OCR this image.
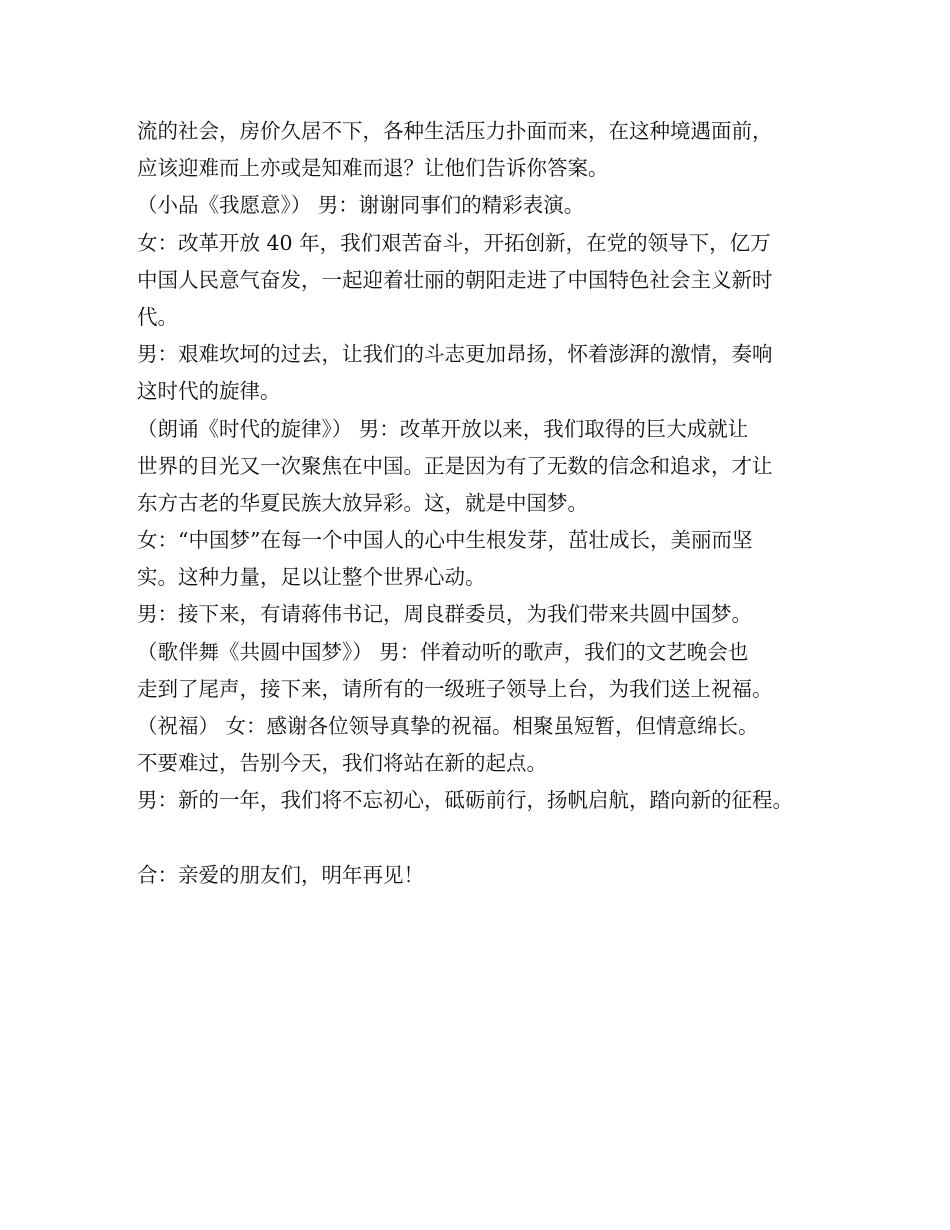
流的社会，房价久居不下，各种生活压力扑面而来，在这种境遇面前，
应该迎难而上亦或是知难而退？让他们告诉你答案。
（小品《我愿意》） 男：谢谢同事们的精彩表演。
女：改革开放 40 年，我们艰苦奋斗，开拓创新，在党的领导下，亿万
中国人民意气奋发，一起迎着壮丽的朝阳走进了中国特色社会主义新时
代。
男：艰难坎坷的过去，让我们的斗志更加昂扬，怀着澎湃的激情，奏响
这时代的旋律。
（朗诵《时代的旋律》） 男：改革开放以来，我们取得的巨大成就让
世界的目光又一次聚焦在中国。正是因为有了无数的信念和追求，才让
东方古老的华夏民族大放异彩。这，就是中国梦。
女：“中国梦”在每一个中国人的心中生根发芽，茁壮成长，美丽而坚
实。这种力量，足以让整个世界心动。
男：接下来，有请蒋伟书记，周良群委员，为我们带来共圆中国梦。
（歌伴舞《共圆中国梦》） 男：伴着动听的歌声，我们的文艺晚会也
走到了尾声，接下来，请所有的一级班子领导上台，为我们送上祝福。
（祝福） 女：感谢各位领导真挚的祝福。相聚虽短暂，但情意绵长。
不要难过，告别今天，我们将站在新的起点。
男：新的一年，我们将不忘初心，砥砺前行，扬帆启航，踏向新的征程。
合：亲爱的朋友们，明年再见！
